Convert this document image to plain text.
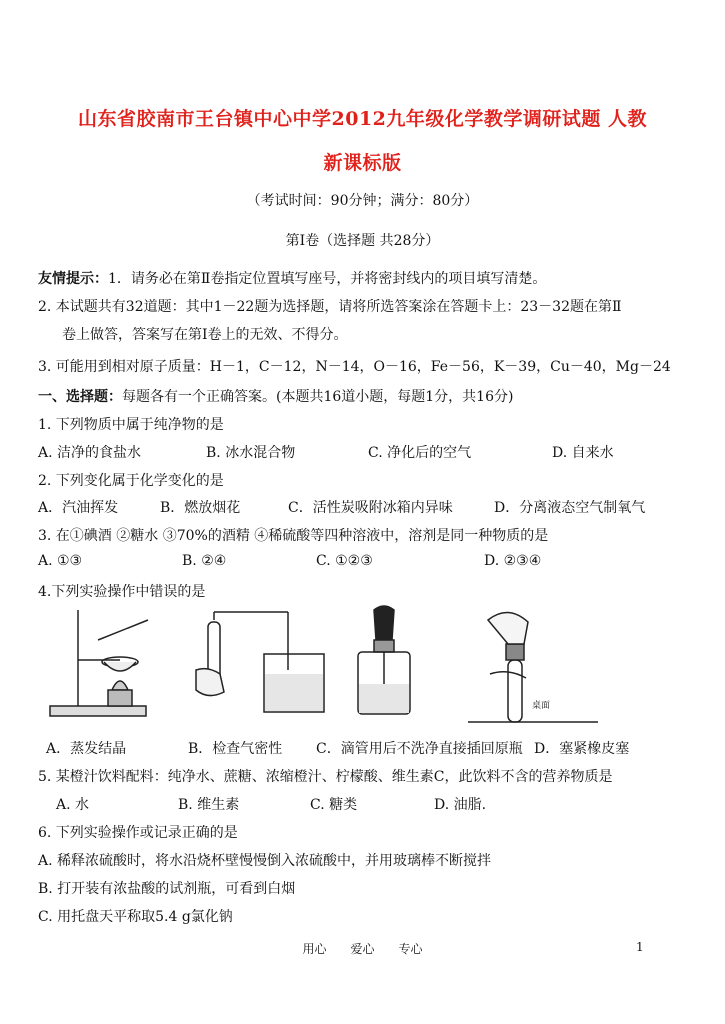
山东省胶南市王台镇中心中学2012九年级化学教学调研试题 人教
新课标版
（考试时间：90分钟；满分：80分）
第Ⅰ卷（选择题 共28分）
友情提示：1．请务必在第Ⅱ卷指定位置填写座号，并将密封线内的项目填写清楚。
2. 本试题共有32道题：其中1－22题为选择题，请将所选答案涂在答题卡上：23－32题在第Ⅱ
卷上做答，答案写在第Ⅰ卷上的无效、不得分。
3. 可能用到相对原子质量：H－1，C－12，N－14，O－16，Fe－56，K－39，Cu－40，Mg－24
一、选择题：每题各有一个正确答案。(本题共16道小题，每题1分，共16分)
1. 下列物质中属于纯净物的是
A. 洁净的食盐水	B. 冰水混合物	C. 净化后的空气	D. 自来水
2. 下列变化属于化学变化的是
A．汽油挥发	B．燃放烟花	C．活性炭吸附冰箱内异味	D．分离液态空气制氧气
3. 在①碘酒 ②糖水 ③70%的酒精 ④稀硫酸等四种溶液中，溶剂是同一种物质的是
A. ①③	B. ②④	C. ①②③	D. ②③④
4.下列实验操作中错误的是
桌面
A．蒸发结晶	B．检查气密性 C．滴管用后不洗净直接插回原瓶 D．塞紧橡皮塞
5. 某橙汁饮料配料：纯净水、蔗糖、浓缩橙汁、柠檬酸、维生素C，此饮料不含的营养物质是
A. 水	B. 维生素	C. 糖类	D. 油脂.
6. 下列实验操作或记录正确的是
A. 稀释浓硫酸时，将水沿烧杯壁慢慢倒入浓硫酸中，并用玻璃棒不断搅拌
B. 打开装有浓盐酸的试剂瓶，可看到白烟
C. 用托盘天平称取5.4 g氯化钠
用心　　爱心　　专心	1
